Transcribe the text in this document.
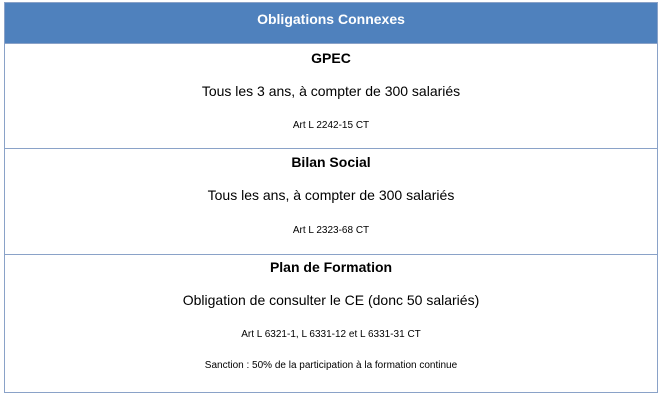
Obligations Connexes
GPEC
Tous les 3 ans, à compter de 300 salariés
Art L 2242-15 CT
Bilan Social
Tous les ans, à compter de 300 salariés
Art L 2323-68 CT
Plan de Formation
Obligation de consulter le CE (donc 50 salariés)
Art L 6321-1, L 6331-12 et L 6331-31 CT
Sanction : 50% de la participation à la formation continue
